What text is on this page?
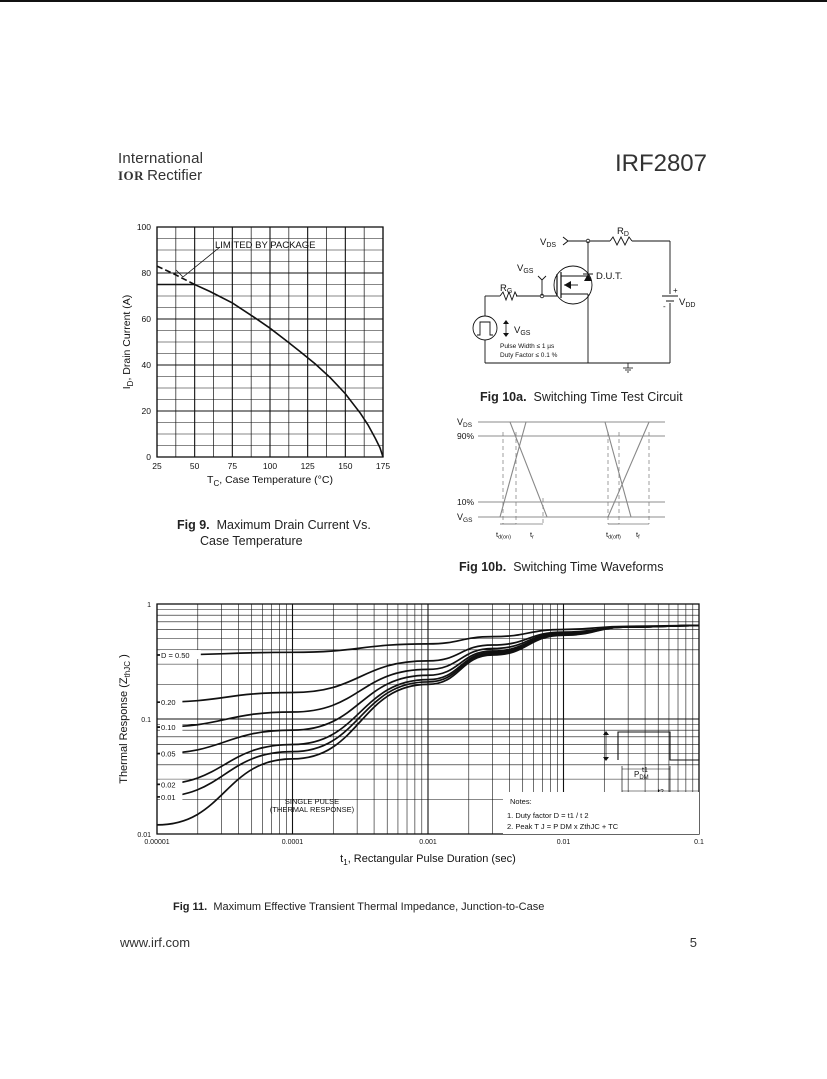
International
IOR Rectifier	IRF2807
25	50	75	100	125	150	175
0
20
40
60
80
100
LIMITED BY PACKAGE
$T_C$, Case Temperature (°C)
$I_D$, Drain Current (A)
Fig 9. Maximum Drain Current Vs.
Case Temperature
$V_{DS}$
$R_D$
+
- $V_{DD}$
D.U.T.
$V_{GS}$
$R_G$
$V_{GS}$
Pulse Width ≤ 1 µs
Duty Factor ≤ 0.1 %
Fig 10a. Switching Time Test Circuit
$V_{DS}$
90%
10%
$V_{GS}$
$t_{d(on)}$	$t_r$	$t_{d(off)}$ $t_f$
Fig 10b. Switching Time Waveforms
0.00001	0.0001	0.001	0.01	0.1
0.01
0.1
1
D = 0.50
0.20
0.10
0.05
0.02
0.01	SINGLE PULSE
(THERMAL RESPONSE)
$P_{DM}$
t1
Notes:
1. Duty factor D = t1 / t 2
2. Peak T J = P DM x ZthJC + TC
$t_1$, Rectangular Pulse Duration (sec)
Thermal Response ($Z_{thJC}$ )
Fig 11. Maximum Effective Transient Thermal Impedance, Junction-to-Case
www.irf.com	5
